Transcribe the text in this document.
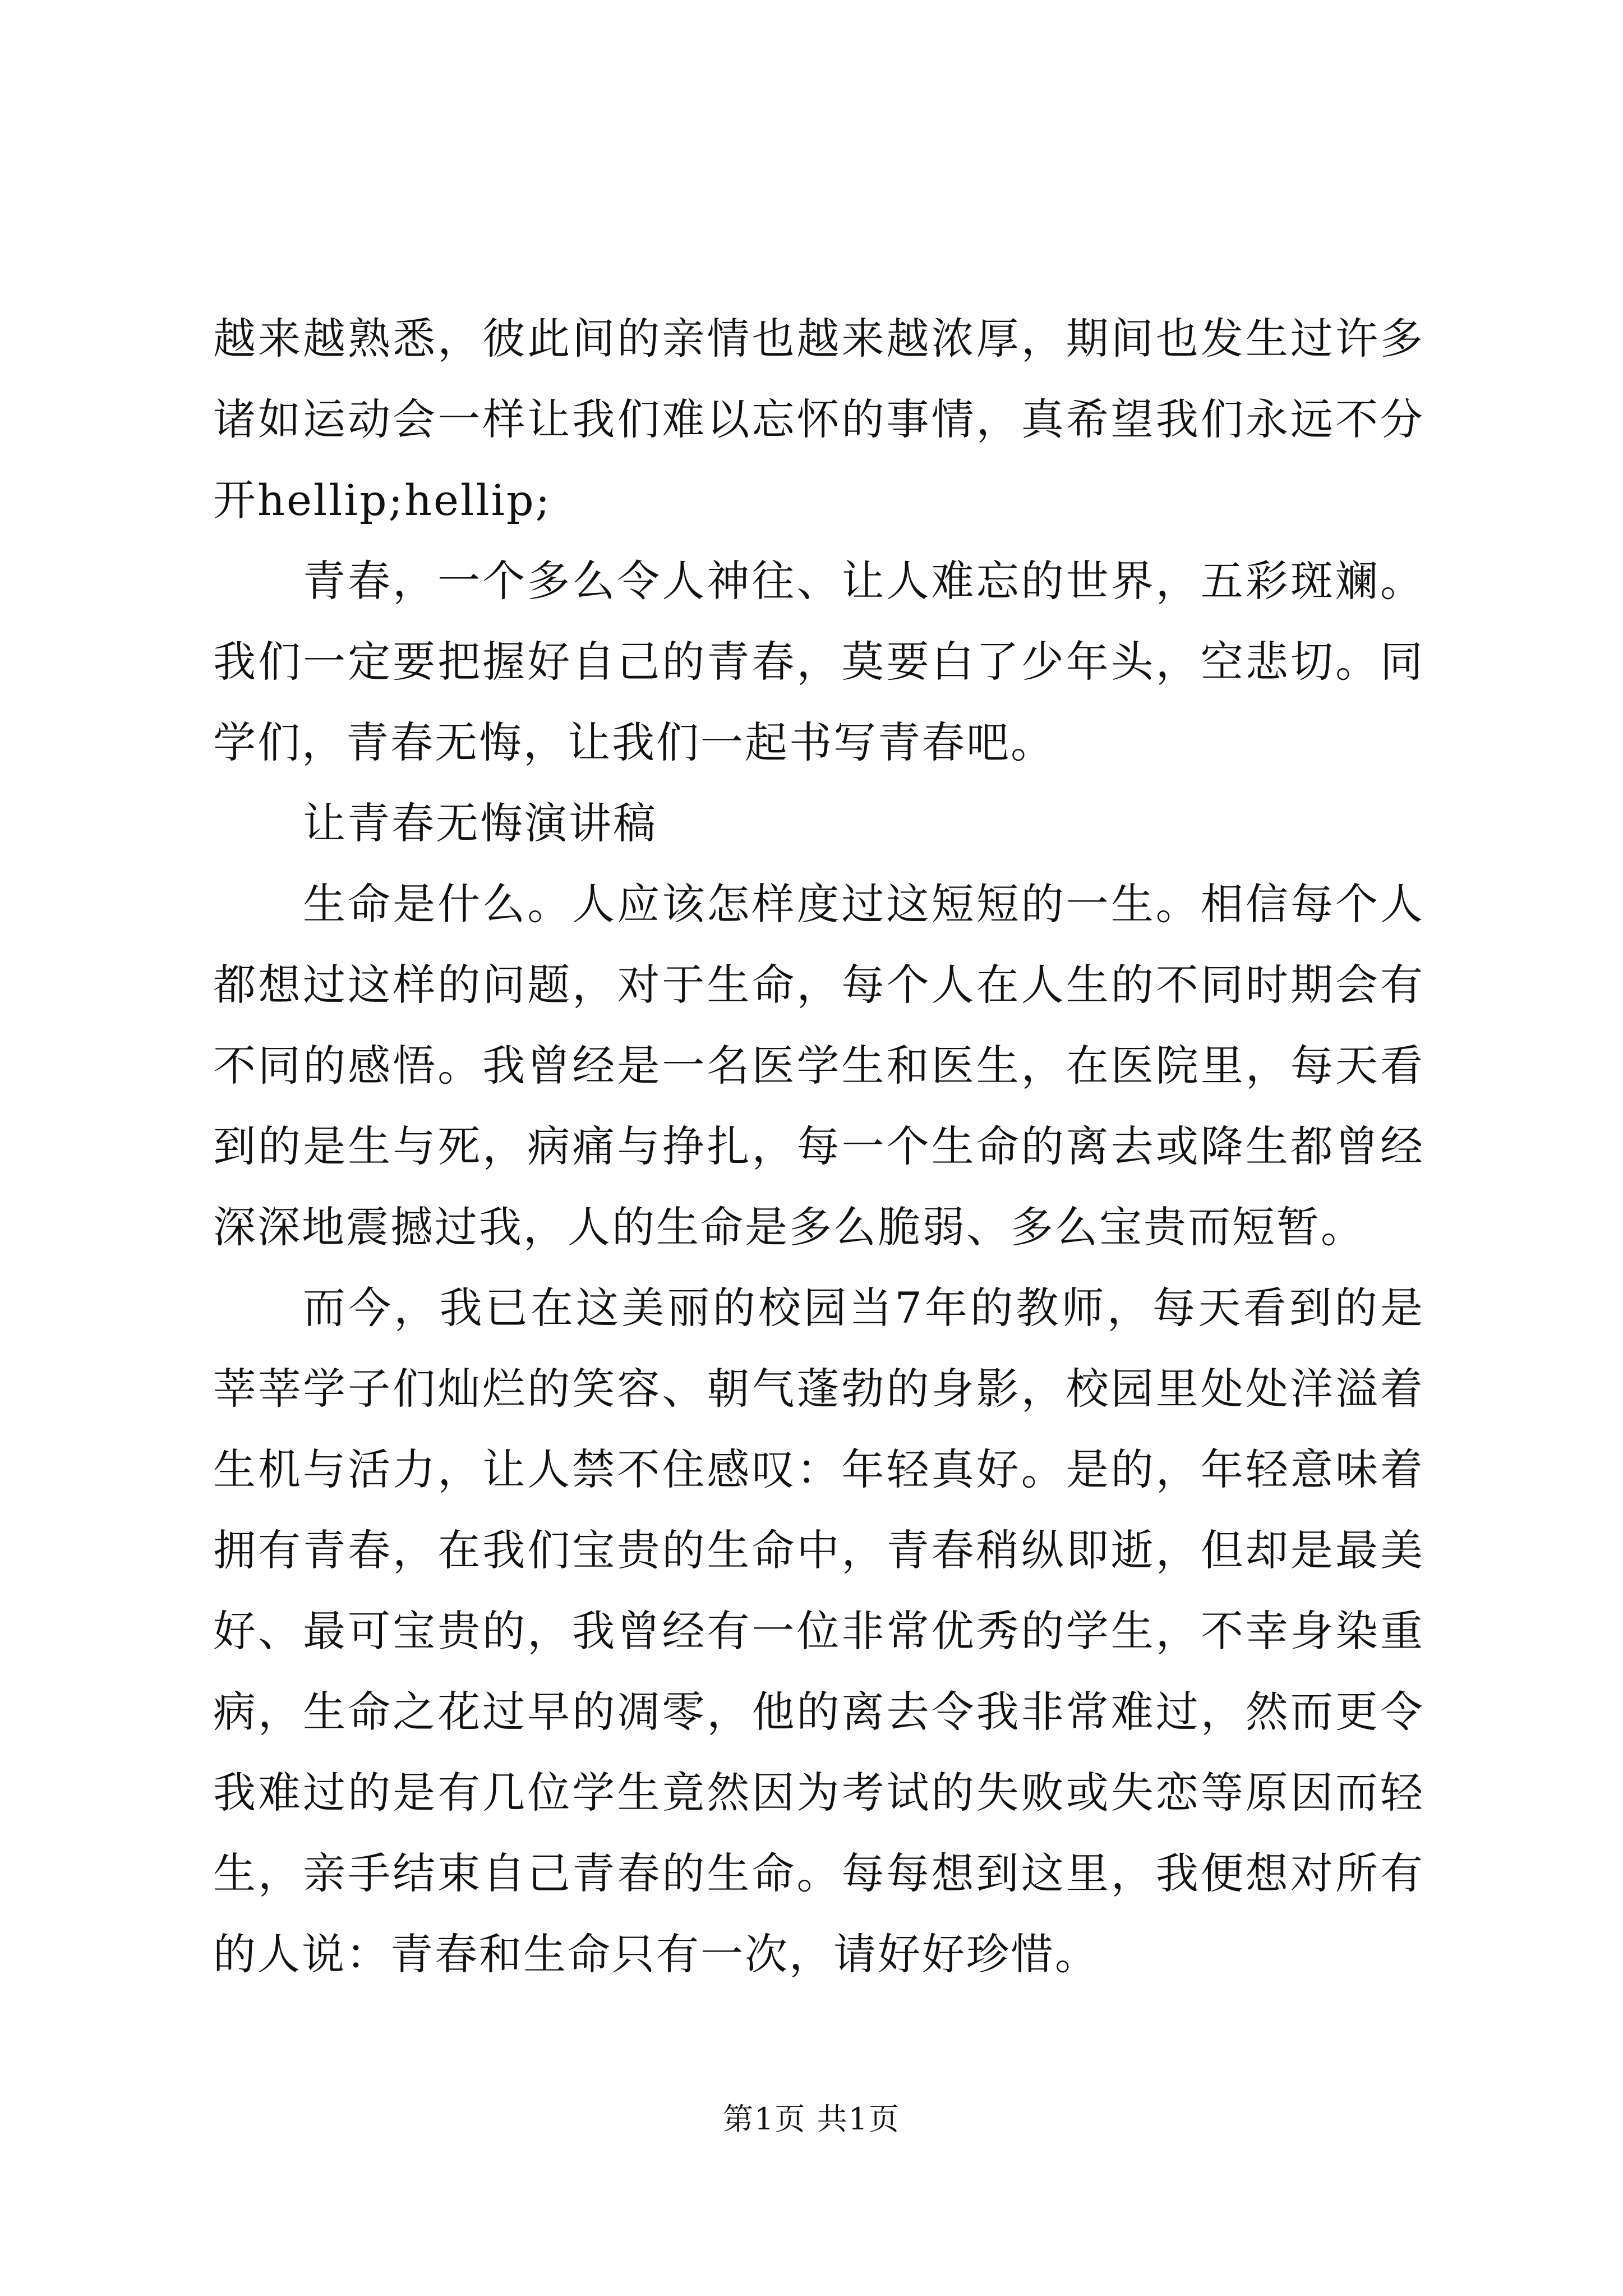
越来越熟悉，彼此间的亲情也越来越浓厚，期间也发生过许多诸如运动会一样让我们难以忘怀的事情，真希望我们永远不分开hellip;hellip;

青春，一个多么令人神往、让人难忘的世界，五彩斑斓。我们一定要把握好自己的青春，莫要白了少年头，空悲切。同学们，青春无悔，让我们一起书写青春吧。

让青春无悔演讲稿

生命是什么。人应该怎样度过这短短的一生。相信每个人都想过这样的问题，对于生命，每个人在人生的不同时期会有不同的感悟。我曾经是一名医学生和医生，在医院里，每天看到的是生与死，病痛与挣扎，每一个生命的离去或降生都曾经深深地震撼过我，人的生命是多么脆弱、多么宝贵而短暂。

而今，我已在这美丽的校园当7年的教师，每天看到的是莘莘学子们灿烂的笑容、朝气蓬勃的身影，校园里处处洋溢着生机与活力，让人禁不住感叹：年轻真好。是的，年轻意味着拥有青春，在我们宝贵的生命中，青春稍纵即逝，但却是最美好、最可宝贵的，我曾经有一位非常优秀的学生，不幸身染重病，生命之花过早的凋零，他的离去令我非常难过，然而更令我难过的是有几位学生竟然因为考试的失败或失恋等原因而轻生，亲手结束自己青春的生命。每每想到这里，我便想对所有的人说：青春和生命只有一次，请好好珍惜。

第1页 共1页
